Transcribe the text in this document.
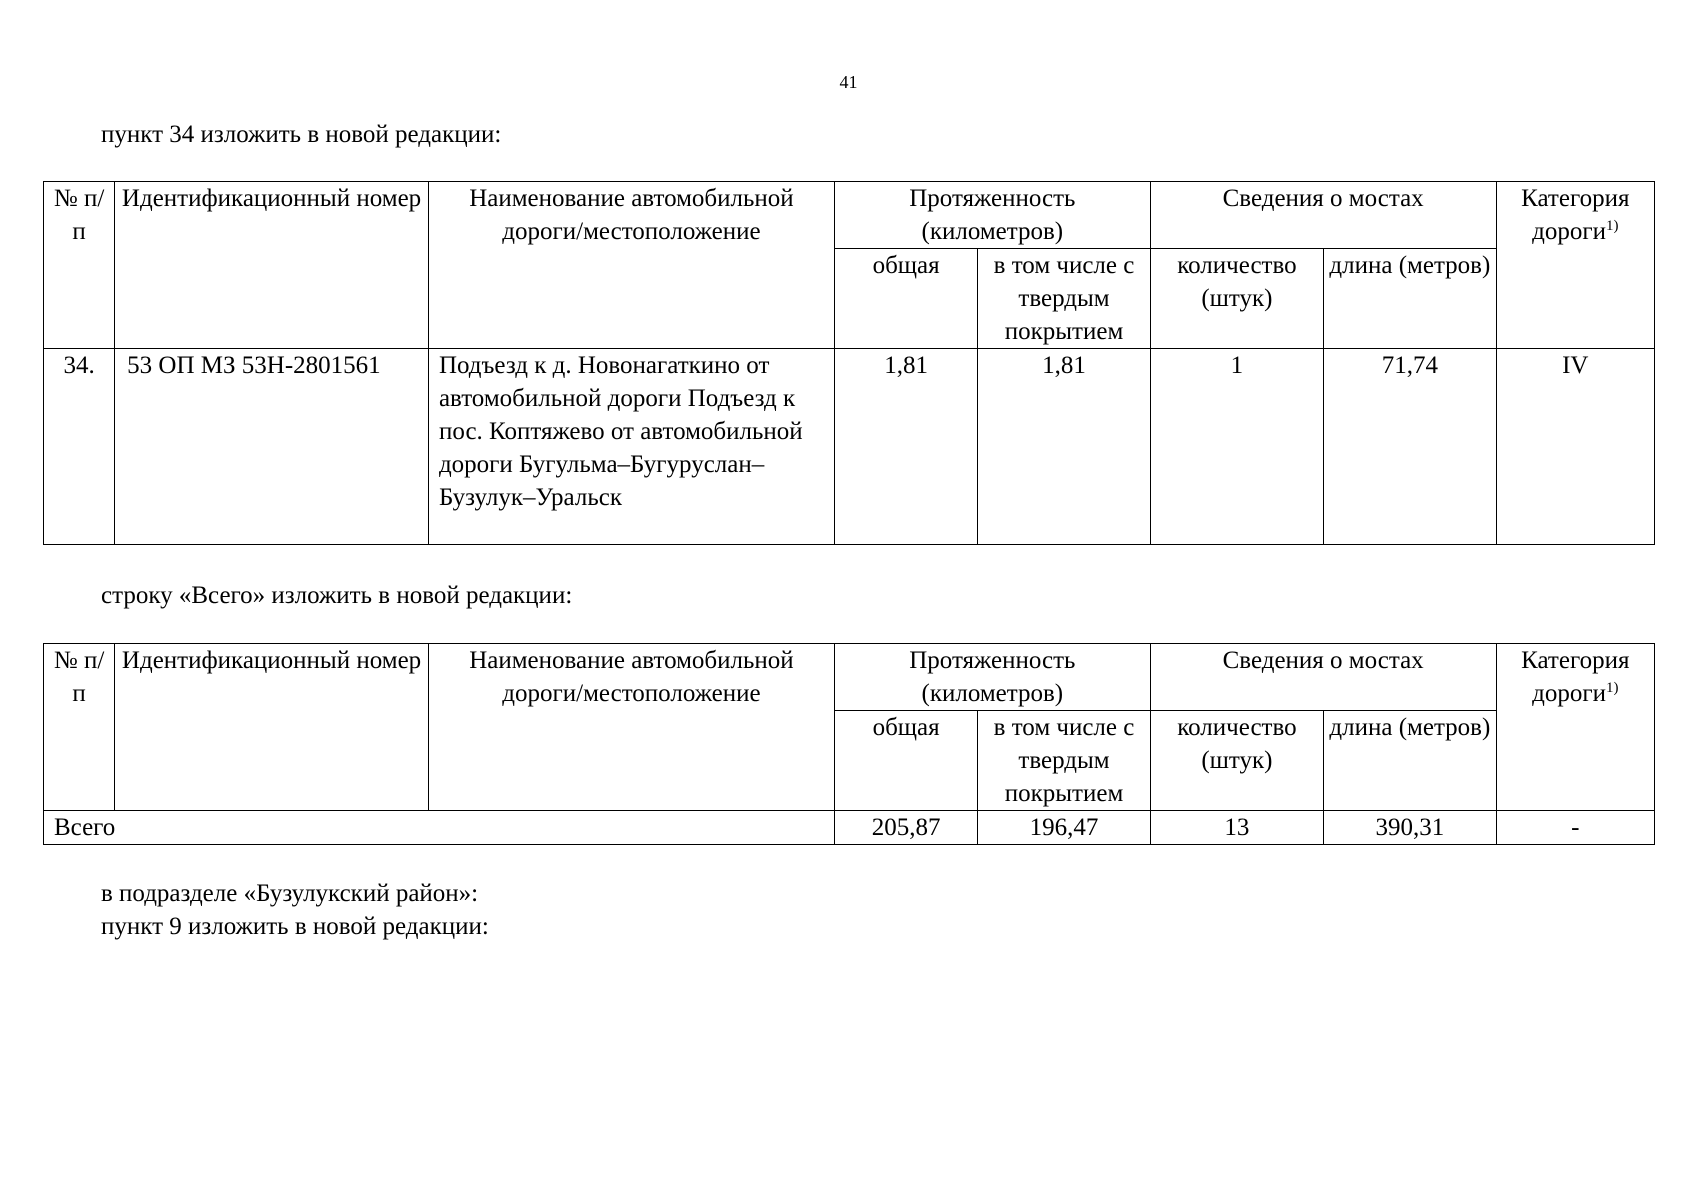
41
пункт 34 изложить в новой редакции:
№ п/п	Идентификационный номер	Наименование автомобильной дороги/местоположение	Протяженность (километров)		Сведения о мостах		Категория дороги$^{1)}$
			общая	в том числе с твердым покрытием	количество (штук)	длина (метров)	
34.	53 ОП МЗ 53Н-2801561	Подъезд к д. Новонагаткино от автомобильной дороги Подъезд к пос. Коптяжево от автомобильной дороги Бугульма–Бугуруслан–Бузулук–Уральск	1,81	1,81	1	71,74	IV
строку «Всего» изложить в новой редакции:
№ п/п	Идентификационный номер	Наименование автомобильной дороги/местоположение	Протяженность (километров)		Сведения о мостах		Категория дороги$^{1)}$
			общая	в том числе с твердым покрытием	количество (штук)	длина (метров)	
Всего			205,87	196,47	13	390,31	-
в подразделе «Бузулукский район»:
пункт 9 изложить в новой редакции:
